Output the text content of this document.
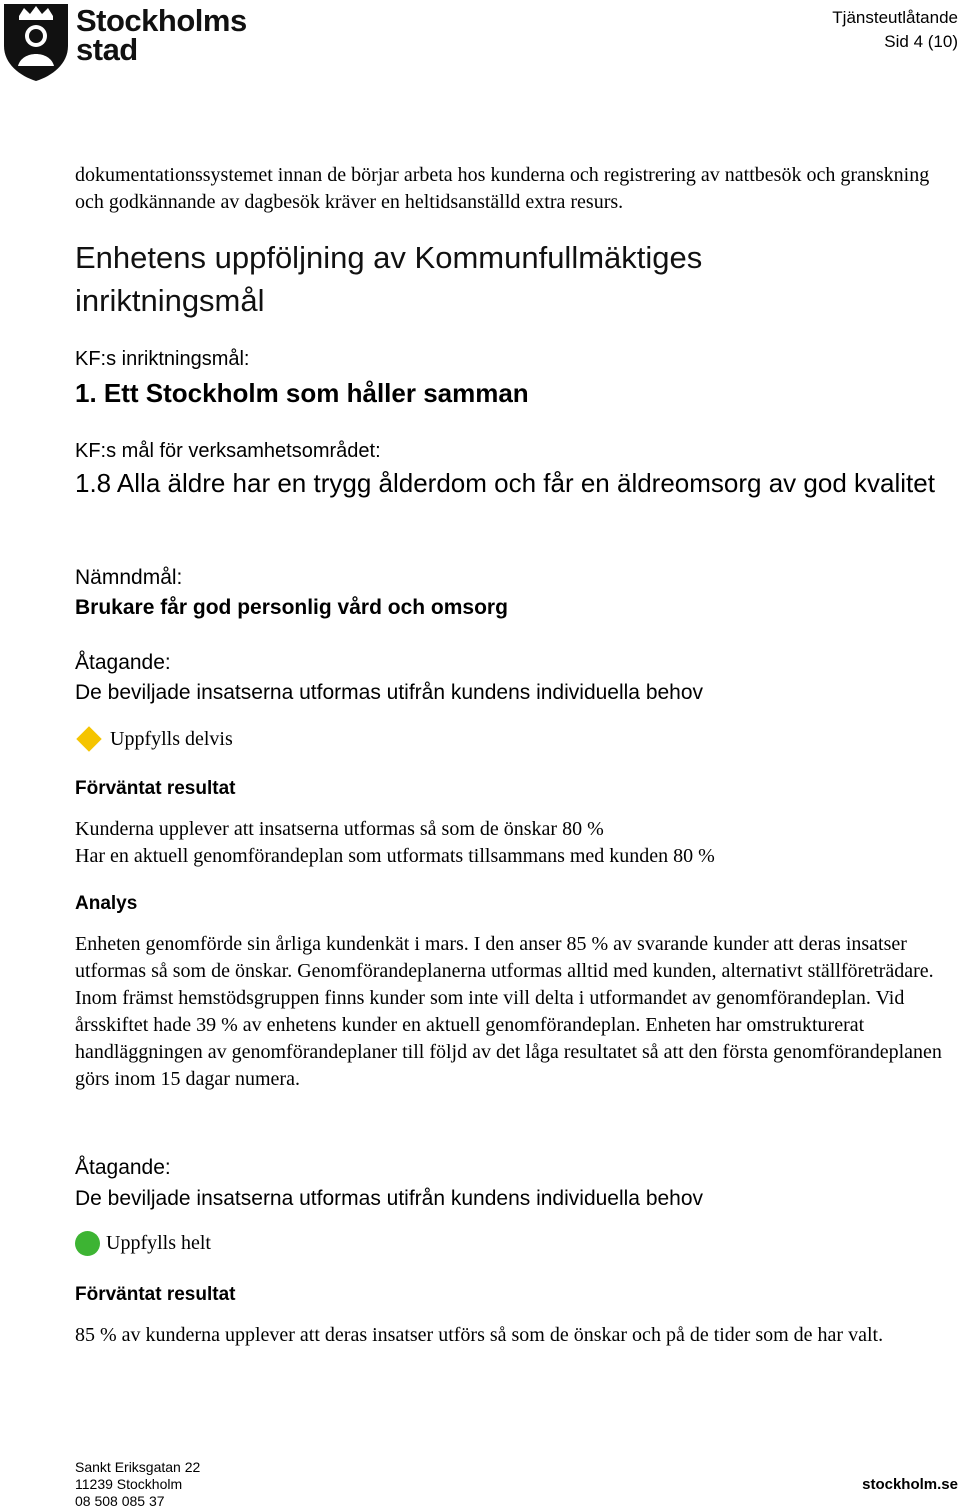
Stockholms
stad
Tjänsteutlåtande
Sid 4 (10)
dokumentationssystemet innan de börjar arbeta hos kunderna och registrering av nattbesök och granskning och godkännande av dagbesök kräver en heltidsanställd extra resurs.
Enhetens uppföljning av Kommunfullmäktiges inriktningsmål
KF:s inriktningsmål:
1. Ett Stockholm som håller samman
KF:s mål för verksamhetsområdet:
1.8 Alla äldre har en trygg ålderdom och får en äldreomsorg av god kvalitet
Nämndmål:
Brukare får god personlig vård och omsorg
Åtagande:
De beviljade insatserna utformas utifrån kundens individuella behov
Uppfylls delvis
Förväntat resultat
Kunderna upplever att insatserna utformas så som de önskar 80 %
Har en aktuell genomförandeplan som utformats tillsammans med kunden 80 %
Analys
Enheten genomförde sin årliga kundenkät i mars. I den anser 85 % av svarande kunder att deras insatser utformas så som de önskar. Genomförandeplanerna utformas alltid med kunden, alternativt ställföreträdare. Inom främst hemstödsgruppen finns kunder som inte vill delta i utformandet av genomförandeplan. Vid årsskiftet hade 39 % av enhetens kunder en aktuell genomförandeplan. Enheten har omstrukturerat handläggningen av genomförandeplaner till följd av det låga resultatet så att den första genomförandeplanen görs inom 15 dagar numera.
Åtagande:
De beviljade insatserna utformas utifrån kundens individuella behov
Uppfylls helt
Förväntat resultat
85 % av kunderna upplever att deras insatser utförs så som de önskar och på de tider som de har valt.
Sankt Eriksgatan 22
11239 Stockholm
08 508 085 37
stockholm.se
